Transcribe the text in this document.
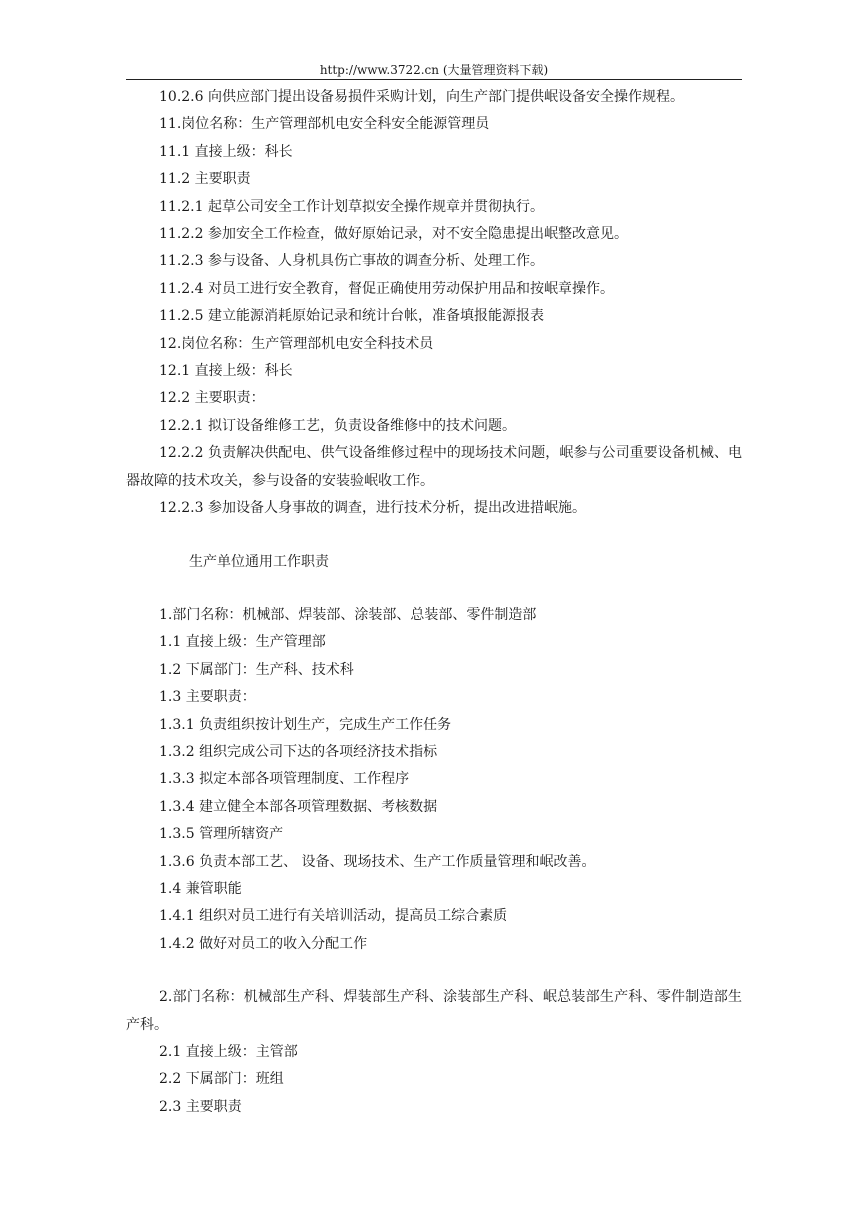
http://www.3722.cn (大量管理资料下载)
10.2.6 向供应部门提出设备易损件采购计划，向生产部门提供岷设备安全操作规程。
11.岗位名称：生产管理部机电安全科安全能源管理员
11.1 直接上级：科长
11.2 主要职责
11.2.1 起草公司安全工作计划草拟安全操作规章并贯彻执行。
11.2.2 参加安全工作检查，做好原始记录，对不安全隐患提出岷整改意见。
11.2.3 参与设备、人身机具伤亡事故的调查分析、处理工作。
11.2.4 对员工进行安全教育，督促正确使用劳动保护用品和按岷章操作。
11.2.5 建立能源消耗原始记录和统计台帐，准备填报能源报表
12.岗位名称：生产管理部机电安全科技术员
12.1 直接上级：科长
12.2 主要职责：
12.2.1 拟订设备维修工艺，负责设备维修中的技术问题。
12.2.2 负责解决供配电、供气设备维修过程中的现场技术问题，岷参与公司重要设备机械、电器故障的技术攻关，参与设备的安装验岷收工作。
12.2.3 参加设备人身事故的调查，进行技术分析，提出改进措岷施。
生产单位通用工作职责
1.部门名称：机械部、焊装部、涂装部、总装部、零件制造部
1.1 直接上级：生产管理部
1.2 下属部门：生产科、技术科
1.3 主要职责：
1.3.1 负责组织按计划生产，完成生产工作任务
1.3.2 组织完成公司下达的各项经济技术指标
1.3.3 拟定本部各项管理制度、工作程序
1.3.4 建立健全本部各项管理数据、考核数据
1.3.5 管理所辖资产
1.3.6 负责本部工艺、 设备、现场技术、生产工作质量管理和岷改善。
1.4 兼管职能
1.4.1 组织对员工进行有关培训活动，提高员工综合素质
1.4.2 做好对员工的收入分配工作
2.部门名称：机械部生产科、焊装部生产科、涂装部生产科、岷总装部生产科、零件制造部生产科。
2.1 直接上级：主管部
2.2 下属部门：班组
2.3 主要职责
